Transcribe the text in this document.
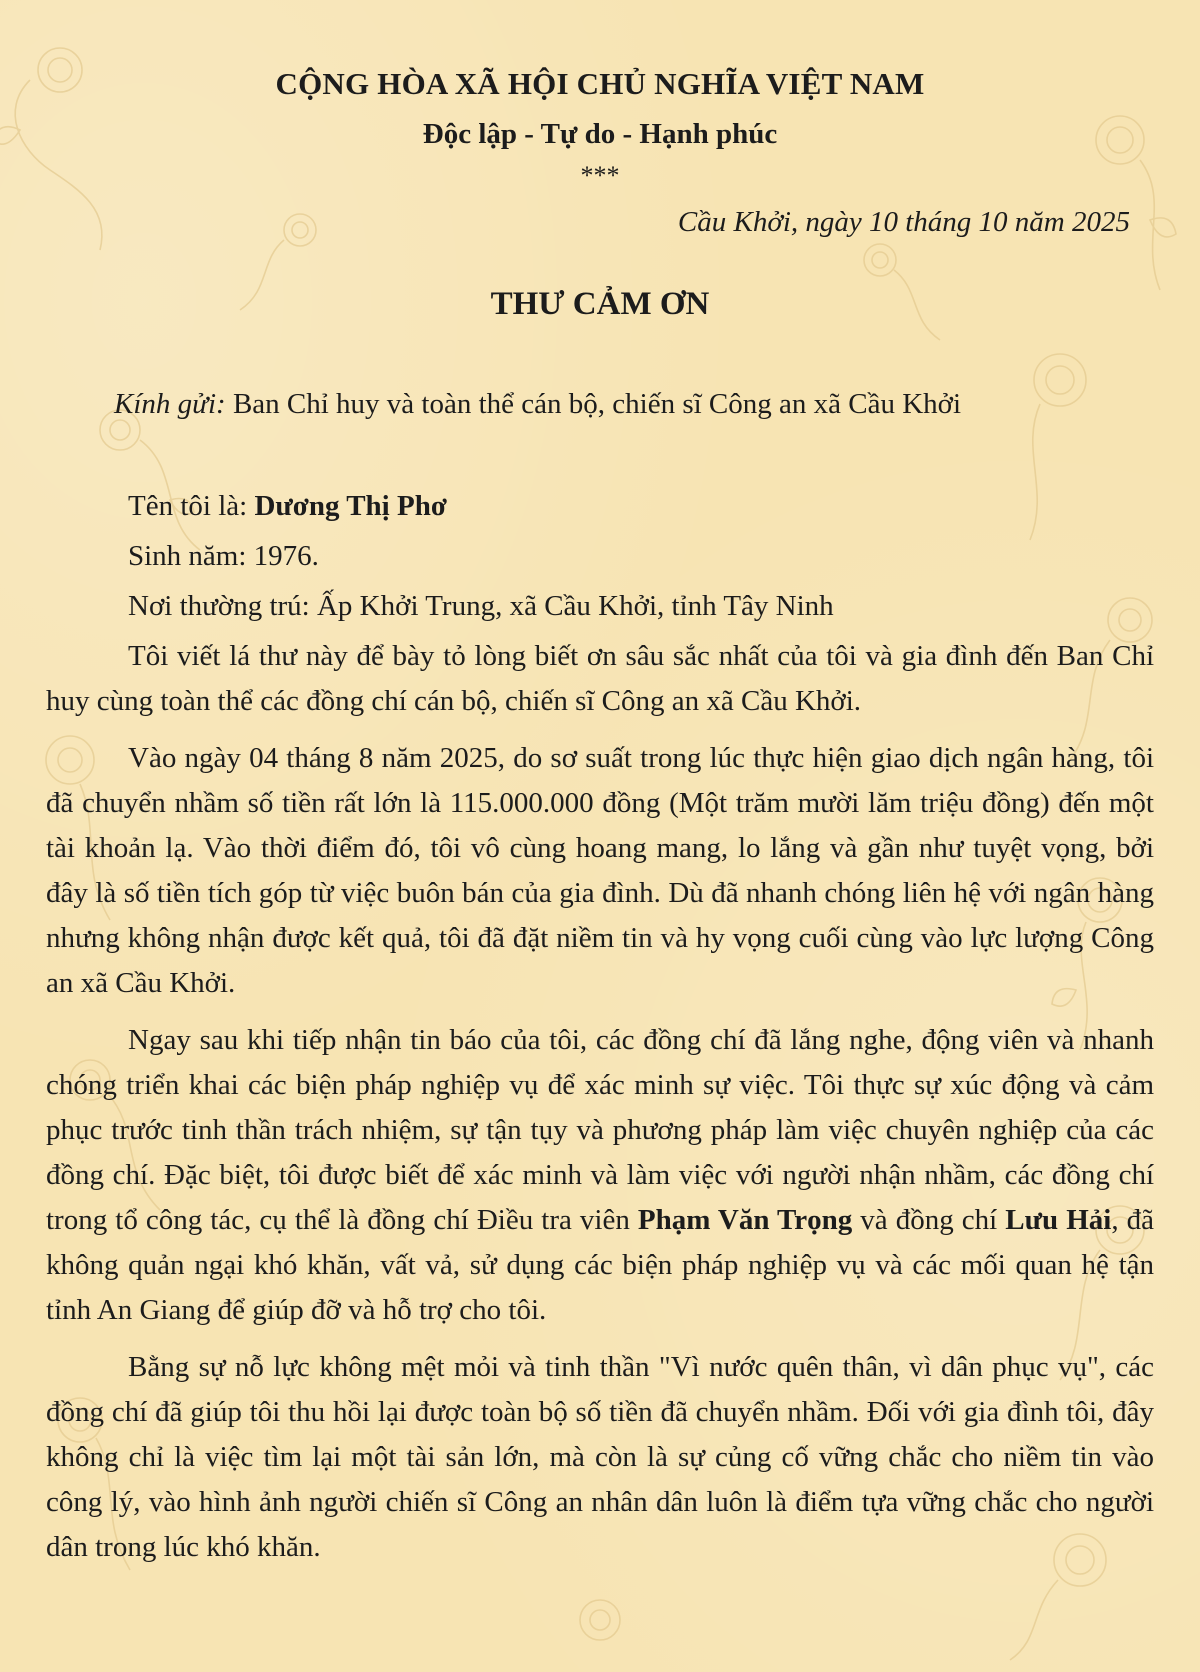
CỘNG HÒA XÃ HỘI CHỦ NGHĨA VIỆT NAM

Độc lập - Tự do - Hạnh phúc

***

Cầu Khởi, ngày 10 tháng 10 năm 2025

THƯ CẢM ƠN

Kính gửi: Ban Chỉ huy và toàn thể cán bộ, chiến sĩ Công an xã Cầu Khởi

Tên tôi là: Dương Thị Phơ

Sinh năm: 1976.

Nơi thường trú: Ấp Khởi Trung, xã Cầu Khởi, tỉnh Tây Ninh

Tôi viết lá thư này để bày tỏ lòng biết ơn sâu sắc nhất của tôi và gia đình đến Ban Chỉ huy cùng toàn thể các đồng chí cán bộ, chiến sĩ Công an xã Cầu Khởi.

Vào ngày 04 tháng 8 năm 2025, do sơ suất trong lúc thực hiện giao dịch ngân hàng, tôi đã chuyển nhầm số tiền rất lớn là 115.000.000 đồng (Một trăm mười lăm triệu đồng) đến một tài khoản lạ. Vào thời điểm đó, tôi vô cùng hoang mang, lo lắng và gần như tuyệt vọng, bởi đây là số tiền tích góp từ việc buôn bán của gia đình. Dù đã nhanh chóng liên hệ với ngân hàng nhưng không nhận được kết quả, tôi đã đặt niềm tin và hy vọng cuối cùng vào lực lượng Công an xã Cầu Khởi.

Ngay sau khi tiếp nhận tin báo của tôi, các đồng chí đã lắng nghe, động viên và nhanh chóng triển khai các biện pháp nghiệp vụ để xác minh sự việc. Tôi thực sự xúc động và cảm phục trước tinh thần trách nhiệm, sự tận tụy và phương pháp làm việc chuyên nghiệp của các đồng chí. Đặc biệt, tôi được biết để xác minh và làm việc với người nhận nhầm, các đồng chí trong tổ công tác, cụ thể là đồng chí Điều tra viên Phạm Văn Trọng và đồng chí Lưu Hải, đã không quản ngại khó khăn, vất vả, sử dụng các biện pháp nghiệp vụ và các mối quan hệ tận tỉnh An Giang để giúp đỡ và hỗ trợ cho tôi.

Bằng sự nỗ lực không mệt mỏi và tinh thần "Vì nước quên thân, vì dân phục vụ", các đồng chí đã giúp tôi thu hồi lại được toàn bộ số tiền đã chuyển nhầm. Đối với gia đình tôi, đây không chỉ là việc tìm lại một tài sản lớn, mà còn là sự củng cố vững chắc cho niềm tin vào công lý, vào hình ảnh người chiến sĩ Công an nhân dân luôn là điểm tựa vững chắc cho người dân trong lúc khó khăn.
